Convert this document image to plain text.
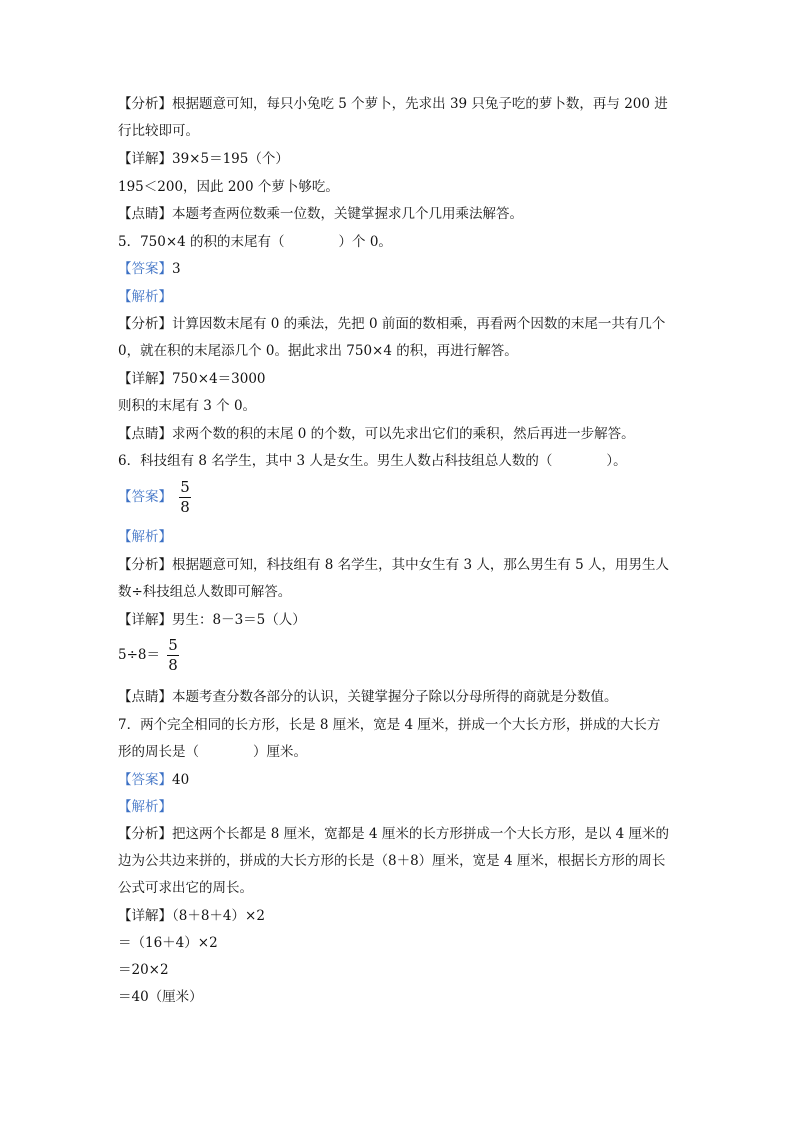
【分析】根据题意可知，每只小兔吃 5 个萝卜，先求出 39 只兔子吃的萝卜数，再与 200 进
行比较即可。
【详解】39×5＝195（个）
195＜200，因此 200 个萝卜够吃。
【点睛】本题考查两位数乘一位数，关键掌握求几个几用乘法解答。
5．750×4 的积的末尾有（　　　　）个 0。
【答案】3
【解析】
【分析】计算因数末尾有 0 的乘法，先把 0 前面的数相乘，再看两个因数的末尾一共有几个
0，就在积的末尾添几个 0。据此求出 750×4 的积，再进行解答。
【详解】750×4＝3000
则积的末尾有 3 个 0。
【点睛】求两个数的积的末尾 0 的个数，可以先求出它们的乘积，然后再进一步解答。
6．科技组有 8 名学生，其中 3 人是女生。男生人数占科技组总人数的（　　　　）。
【答案】 $\frac{5}{8}$
【解析】
【分析】根据题意可知，科技组有 8 名学生，其中女生有 3 人，那么男生有 5 人，用男生人
数÷科技组总人数即可解答。
【详解】男生：8－3＝5（人）
$5\div 8= \frac{5}{8}$
【点睛】本题考查分数各部分的认识，关键掌握分子除以分母所得的商就是分数值。
7．两个完全相同的长方形，长是 8 厘米，宽是 4 厘米，拼成一个大长方形，拼成的大长方
形的周长是（　　　　）厘米。
【答案】40
【解析】
【分析】把这两个长都是 8 厘米，宽都是 4 厘米的长方形拼成一个大长方形，是以 4 厘米的
边为公共边来拼的，拼成的大长方形的长是（8＋8）厘米，宽是 4 厘米，根据长方形的周长
公式可求出它的周长。
【详解】（8＋8＋4）×2
＝（16＋4）×2
＝20×2
＝40（厘米）
